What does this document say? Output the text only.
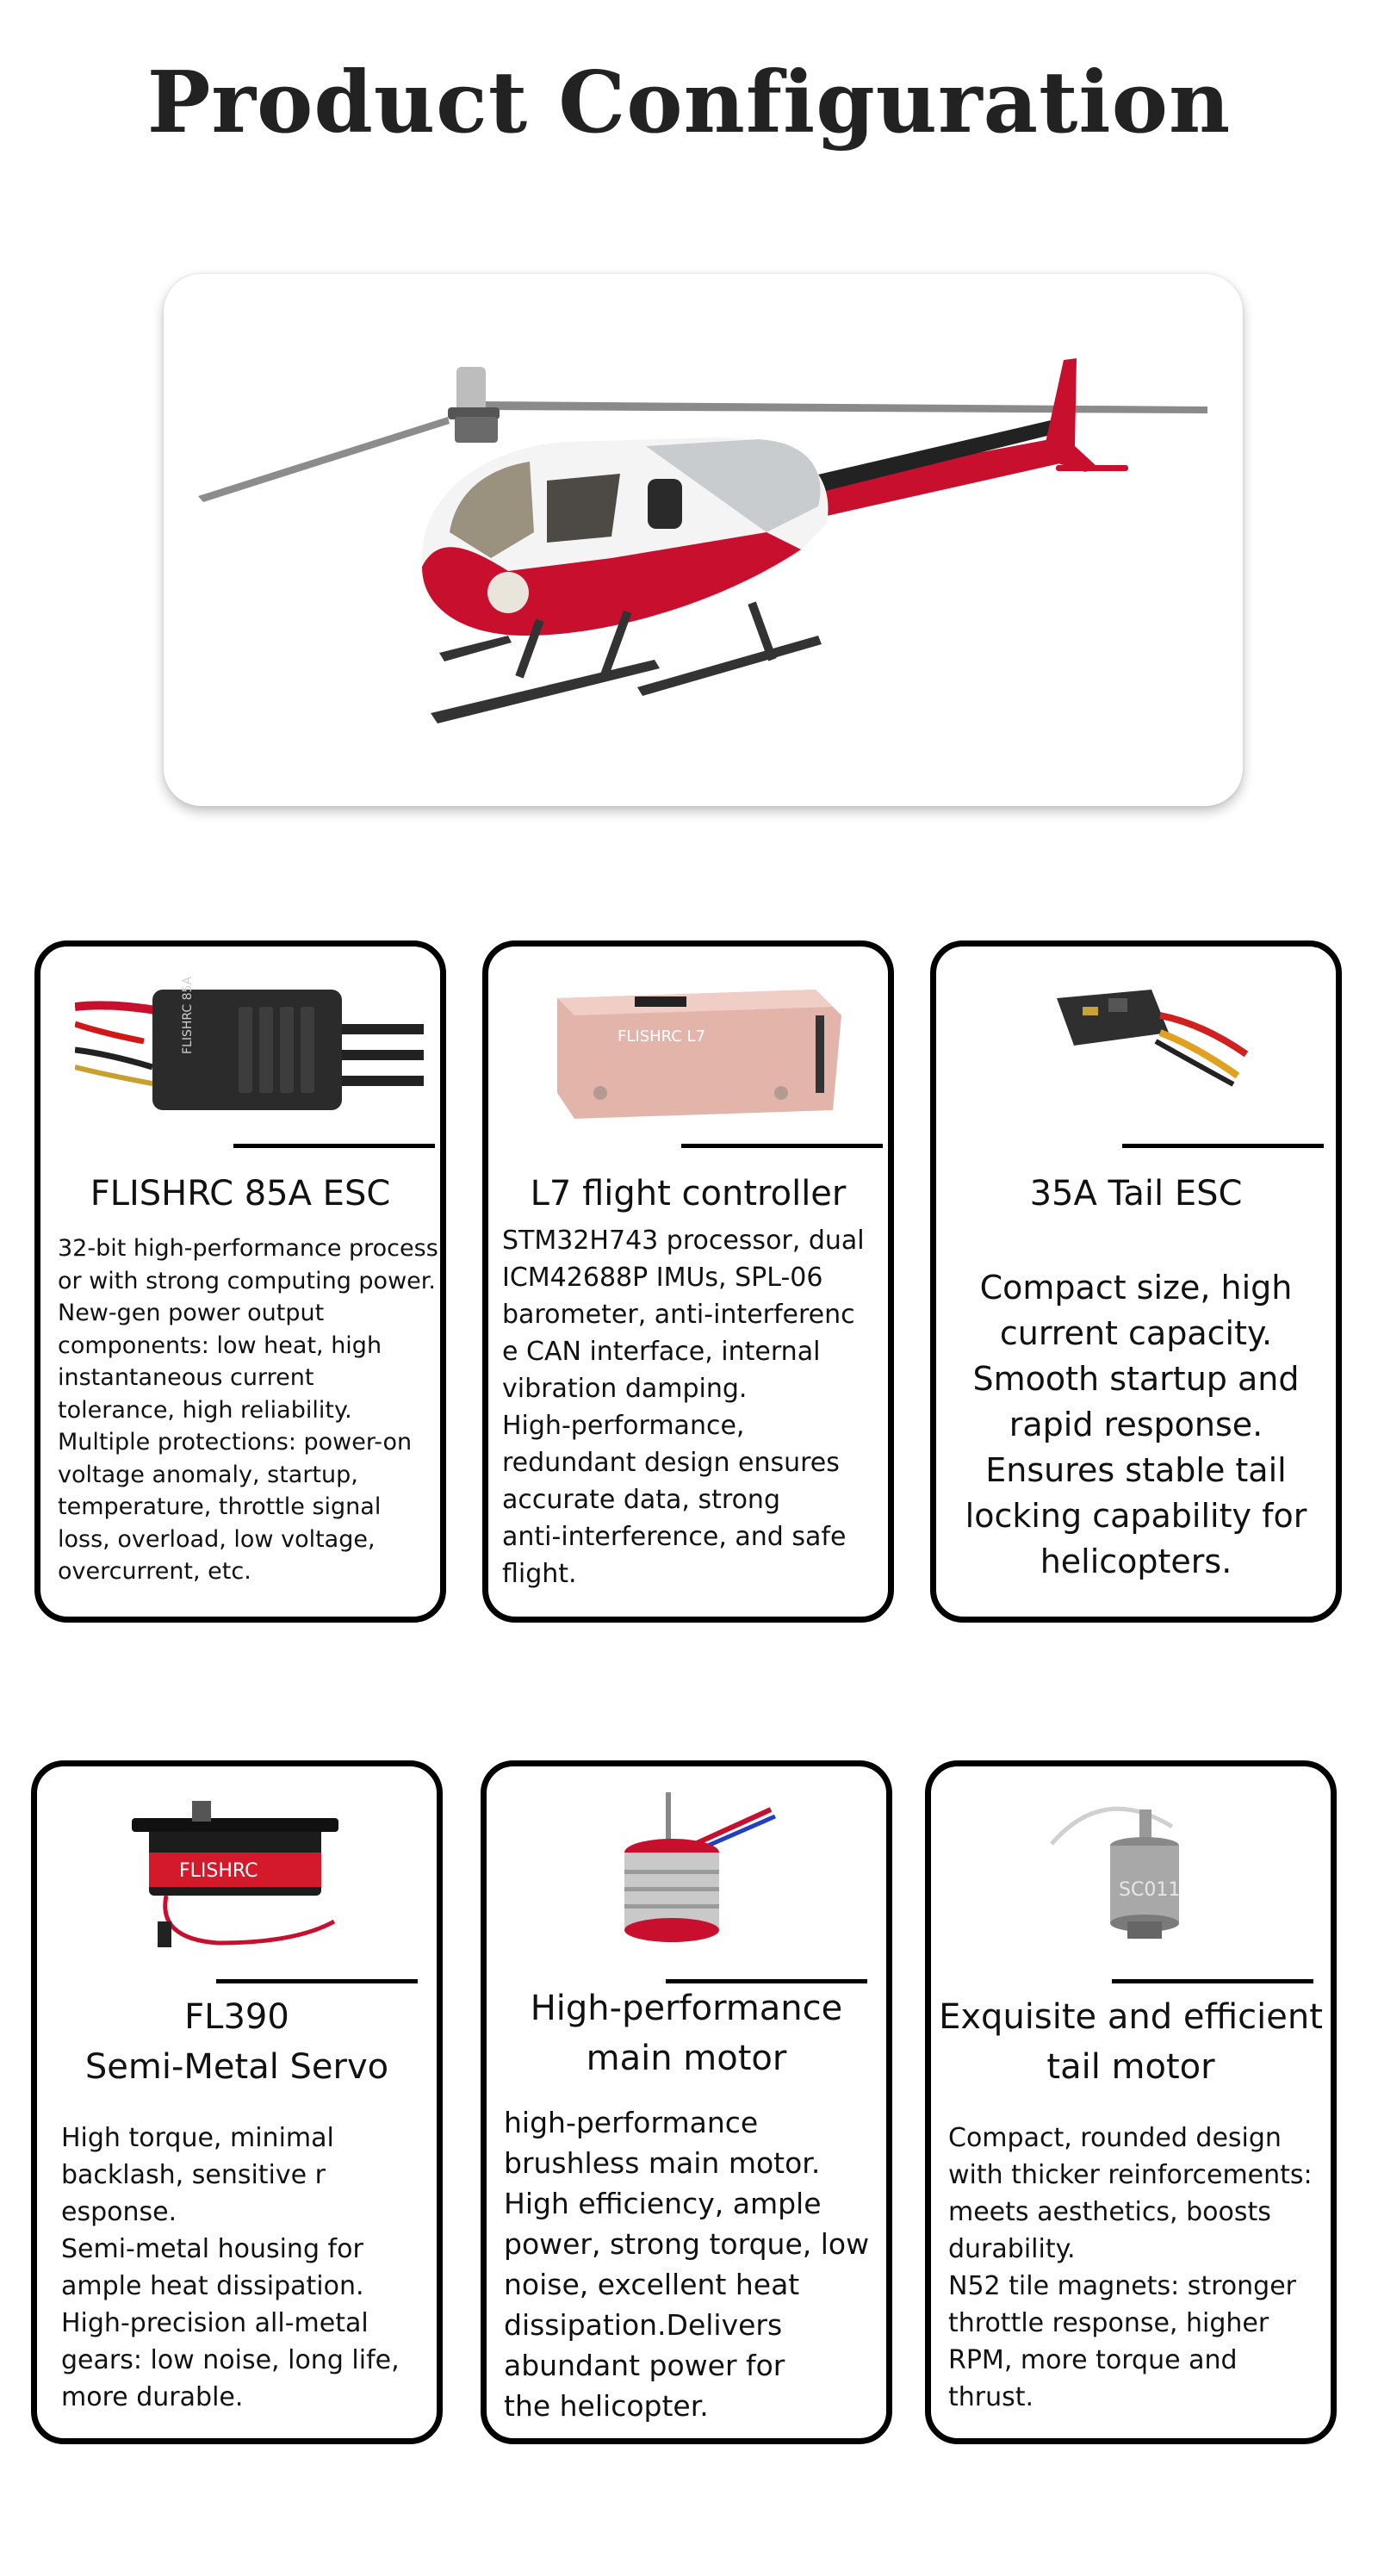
Product Configuration
FLISHRC 85A
FLISHRC 85A ESC
32-bit high-performance process
or with strong computing power.
New-gen power output
components: low heat, high
instantaneous current
tolerance, high reliability.
Multiple protections: power-on
voltage anomaly, startup,
temperature, throttle signal
loss, overload, low voltage,
overcurrent, etc.
FLISHRC L7
L7 flight controller
STM32H743 processor, dual
ICM42688P IMUs, SPL-06
barometer, anti-interferenc
e CAN interface, internal
vibration damping.
High-performance,
redundant design ensures
accurate data, strong
anti-interference, and safe
flight.
35A Tail ESC
Compact size, high
current capacity.
Smooth startup and
rapid response.
Ensures stable tail
locking capability for
helicopters.
FLISHRC
FL390
Semi-Metal Servo
High torque, minimal
backlash, sensitive r
esponse.
Semi-metal housing for
ample heat dissipation.
High-precision all-metal
gears: low noise, long life,
more durable.
High-performance
main motor
high-performance
brushless main motor.
High efficiency, ample
power, strong torque, low
noise, excellent heat
dissipation.Delivers
abundant power for
the helicopter.
SC011
Exquisite and efficient
tail motor
Compact, rounded design
with thicker reinforcements:
meets aesthetics, boosts
durability.
N52 tile magnets: stronger
throttle response, higher
RPM, more torque and
thrust.
